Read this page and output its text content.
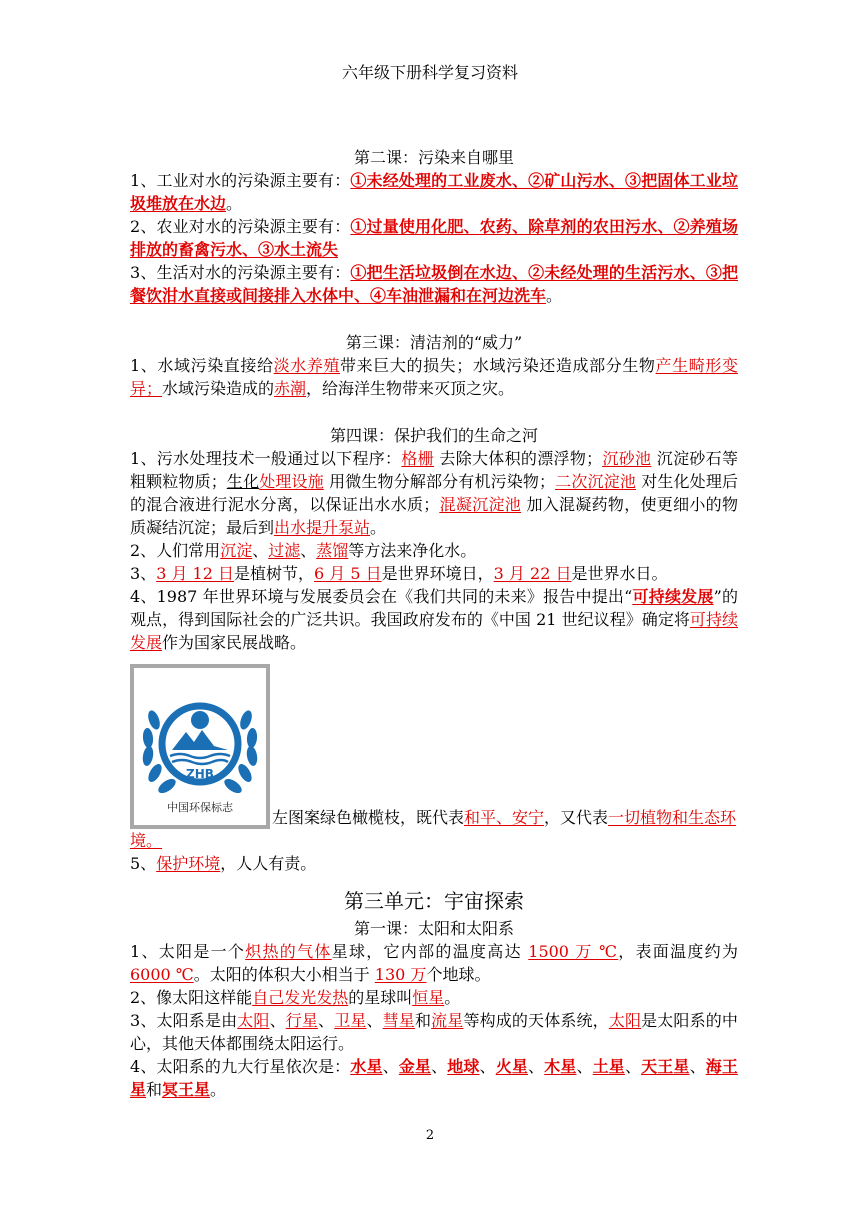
六年级下册科学复习资料

第二课：污染来自哪里

1、工业对水的污染源主要有：①未经处理的工业废水、②矿山污水、③把固体工业垃圾堆放在水边。

2、农业对水的污染源主要有：①过量使用化肥、农药、除草剂的农田污水、②养殖场排放的畜禽污水、③水土流失

3、生活对水的污染源主要有：①把生活垃圾倒在水边、②未经处理的生活污水、③把餐饮泔水直接或间接排入水体中、④车油泄漏和在河边洗车。

第三课：清洁剂的“威力”

1、水域污染直接给淡水养殖带来巨大的损失；水域污染还造成部分生物产生畸形变异；水域污染造成的赤潮，给海洋生物带来灭顶之灾。

第四课：保护我们的生命之河

1、污水处理技术一般通过以下程序：格栅 去除大体积的漂浮物；沉砂池 沉淀砂石等粗颗粒物质；生化处理设施 用微生物分解部分有机污染物；二次沉淀池 对生化处理后的混合液进行泥水分离，以保证出水水质；混凝沉淀池 加入混凝药物，使更细小的物质凝结沉淀；最后到出水提升泵站。

2、人们常用沉淀、过滤、蒸馏等方法来净化水。

3、3 月 12 日是植树节，6 月 5 日是世界环境日，3 月 22 日是世界水日。

4、1987 年世界环境与发展委员会在《我们共同的未来》报告中提出“可持续发展”的观点，得到国际社会的广泛共识。我国政府发布的《中国 21 世纪议程》确定将可持续发展作为国家民展战略。

ZHB
中国环保标志
左图案绿色橄榄枝，既代表和平、安宁，又代表一切植物和生态环境。

5、保护环境，人人有责。

第三单元：宇宙探索

第一课：太阳和太阳系

1、太阳是一个炽热的气体星球，它内部的温度高达 1500 万 ℃，表面温度约为 6000 ℃。太阳的体积大小相当于 130 万个地球。

2、像太阳这样能自己发光发热的星球叫恒星。

3、太阳系是由太阳、行星、卫星、彗星和流星等构成的天体系统，太阳是太阳系的中心，其他天体都围绕太阳运行。

4、太阳系的九大行星依次是：水星、金星、地球、火星、木星、土星、天王星、海王星和冥王星。

2
